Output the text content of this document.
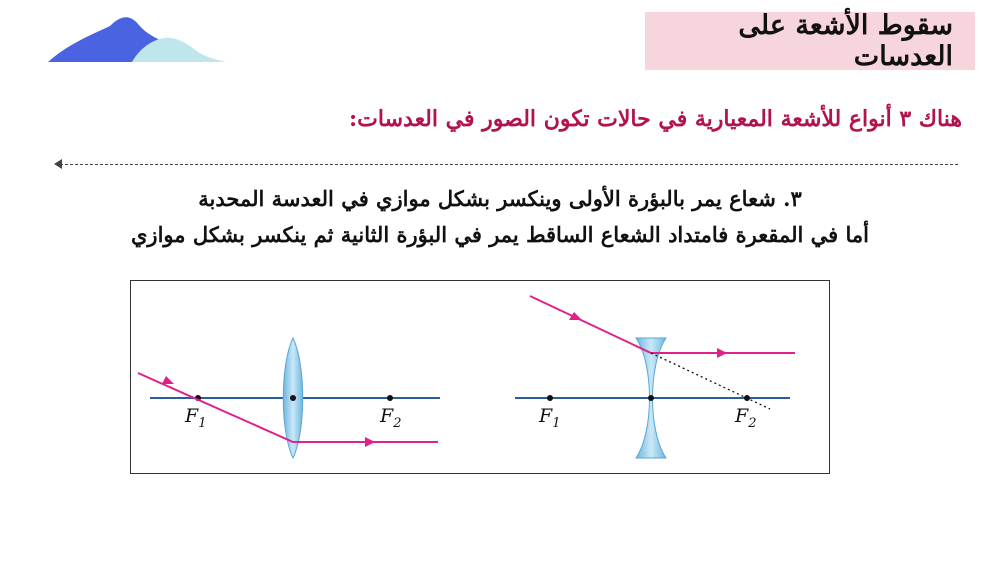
سقوط الأشعة على العدسات
هناك ٣ أنواع للأشعة المعيارية في حالات تكون الصور في العدسات:
٣. شعاع يمر بالبؤرة الأولى وينكسر بشكل موازي في العدسة المحدبة
أما في المقعرة فامتداد الشعاع الساقط يمر في البؤرة الثانية ثم ينكسر بشكل موازي
$F_1$	$F_2$	$F_1$	$F_2$
